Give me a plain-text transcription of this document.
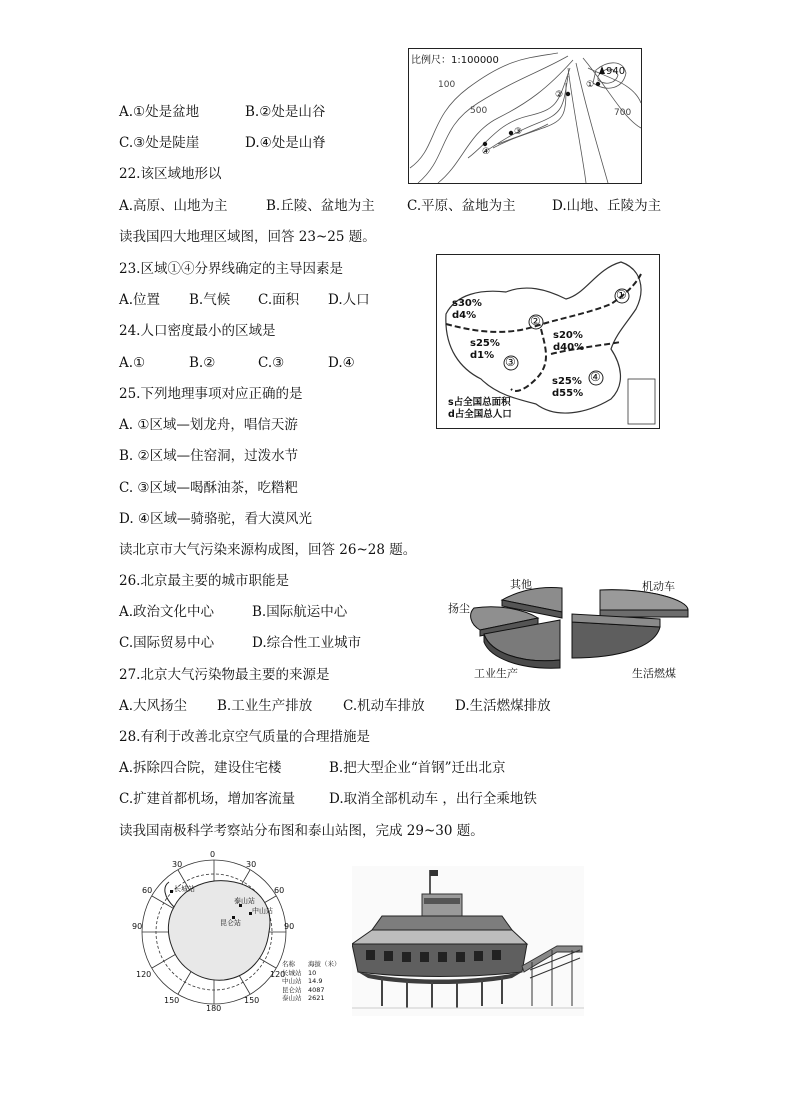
比例尺：1:100000
100
500	700
940
①
②
③
④
A.①处是盆地	B.②处是山谷
C.③处是陡崖	D.④处是山脊
22.该区域地形以
A.高原、山地为主	B.丘陵、盆地为主 C.平原、盆地为主	D.山地、丘陵为主
读我国四大地理区域图，回答 23~25 题。
①
②
③
④
s30%
d4%
s20%
d40%
s25%
d1%
s25%
d55%
s占全国总面积
d占全国总人口
23.区域①④分界线确定的主导因素是
A.位置 B.气候 C.面积 D.人口
24.人口密度最小的区域是
A.①	B.②	C.③	D.④
25.下列地理事项对应正确的是
A. ①区域—划龙舟，唱信天游
B. ②区域—住窑洞，过泼水节
C. ③区域—喝酥油茶，吃糌粑
D. ④区域—骑骆驼，看大漠风光
读北京市大气污染来源构成图，回答 26~28 题。
其他	机动车
扬尘
工业生产	生活燃煤
26.北京最主要的城市职能是
A.政治文化中心	B.国际航运中心
C.国际贸易中心	D.综合性工业城市
27.北京大气污染物最主要的来源是
A.大风扬尘 B.工业生产排放 C.机动车排放 D.生活燃煤排放
28.有利于改善北京空气质量的合理措施是
A.拆除四合院，建设住宅楼	B.把大型企业“首钢”迁出北京
C.扩建首都机场，增加客流量	D.取消全部机动车 ，出行全乘地铁
读我国南极科学考察站分布图和泰山站图，完成 29~30 题。
0
30
60
90
120
150
180
150
120
90
60
30
长城站
中山站
昆仑站
泰山站
名称 海拔（米）
长城站 10
中山站 14.9
昆仑站 4087
泰山站 2621
